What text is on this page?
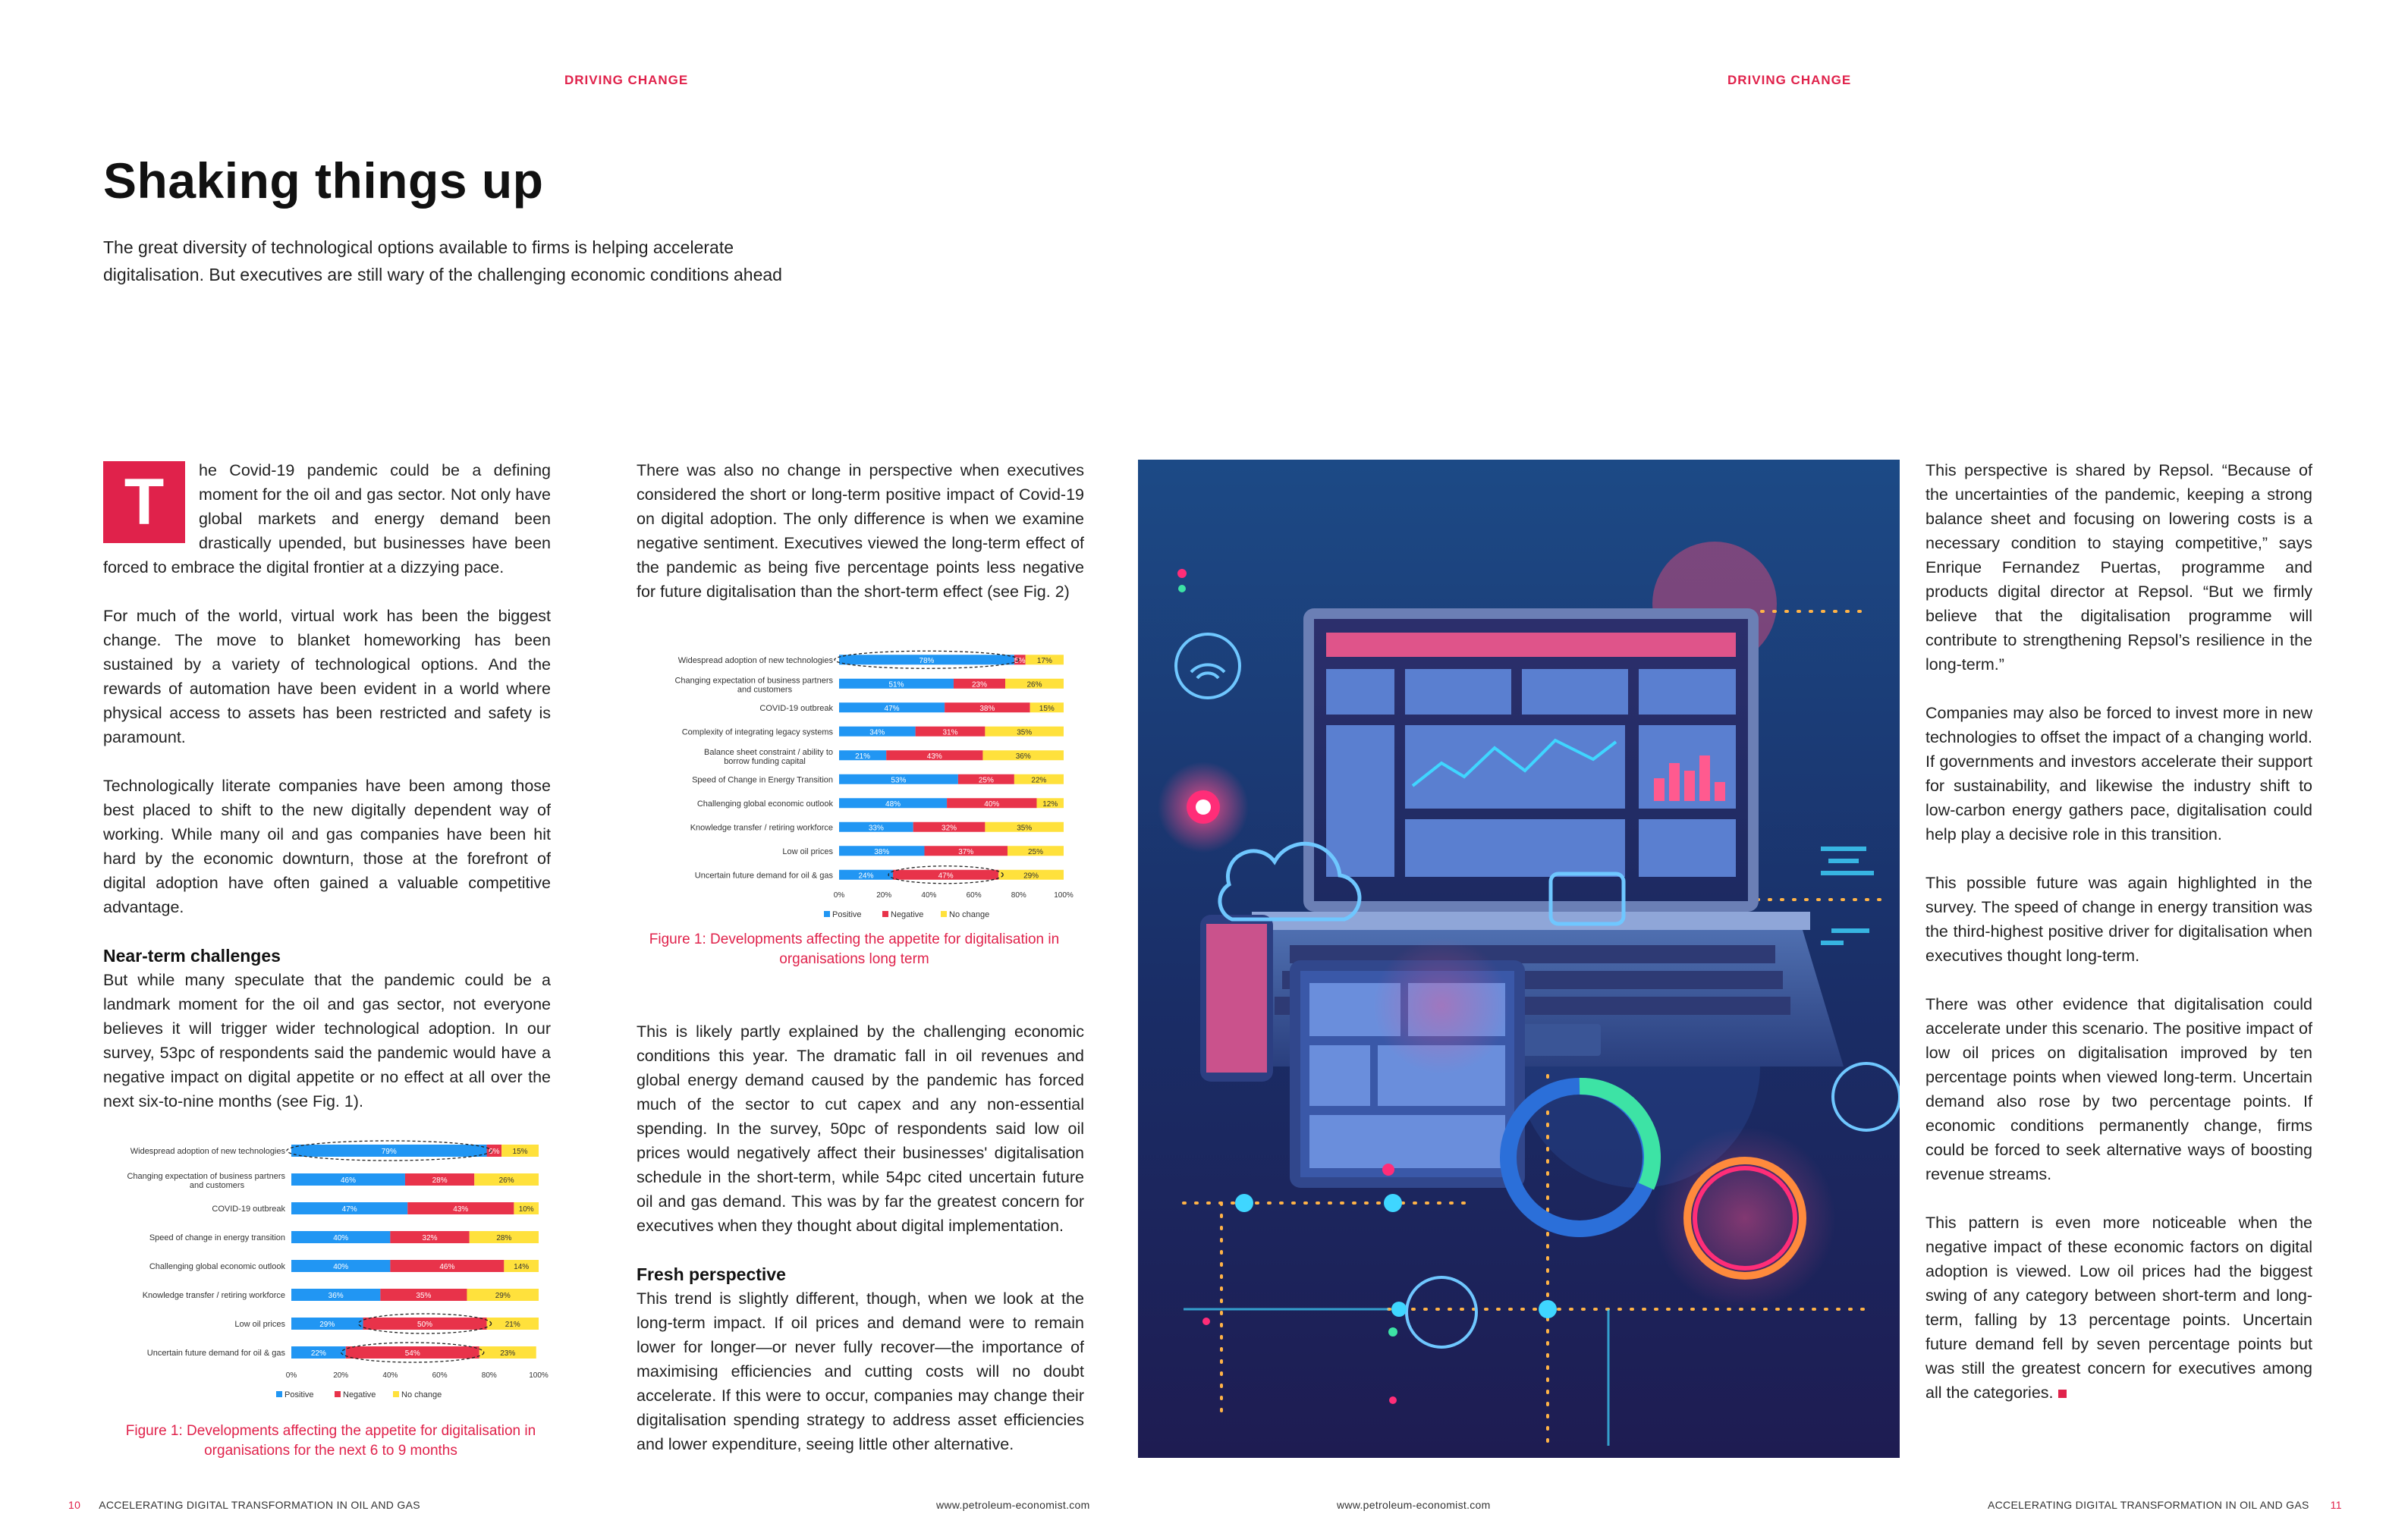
DRIVING CHANGE	DRIVING CHANGE
Shaking things up

The great diversity of technological options available to firms is helping accelerate digitalisation. But executives are still wary of the challenging economic conditions ahead

T	he Covid-19 pandemic could be a defining moment for the oil and gas sector. Not only have global markets and energy demand been drastically upended, but businesses have been forced to embrace the digital frontier at a dizzying pace.

For much of the world, virtual work has been the biggest change. The move to blanket homeworking has been sustained by a variety of technological options. And the rewards of automation have been evident in a world where physical access to assets has been restricted and safety is paramount.

Technologically literate companies have been among those best placed to shift to the new digitally dependent way of working. While many oil and gas companies have been hit hard by the economic downturn, those at the forefront of digital adoption have often gained a valuable competitive advantage.

Near-term challenges

But while many speculate that the pandemic could be a landmark moment for the oil and gas sector, not everyone believes it will trigger wider technological adoption. In our survey, 53pc of respondents said the pandemic would have a negative impact on digital appetite or no effect at all over the next six-to-nine months (see Fig. 1).

Widespread adoption of new technologies	79%	6% 15%
Changing expectation of business partners and customers
46%	28%	26%
COVID-19 outbreak	47%	43%	10%
Speed of change in energy transition	40%	32%	28%
Challenging global economic outlook	40%	46%	14%
Knowledge transfer / retiring workforce	36%	35%	29%
Low oil prices	29%	50%	21%
Uncertain future demand for oil & gas	22%	54%	23%
0%	20%	40%	60%	80%	100%
Positive	Negative	No change
Figure 1: Developments affecting the appetite for digitalisation in organisations for the next 6 to 9 months

There was also no change in perspective when executives considered the short or long-term positive impact of Covid-19 on digital adoption. The only difference is when we examine negative sentiment. Executives viewed the long-term effect of the pandemic as being five percentage points less negative for future digitalisation than the short-term effect (see Fig. 2)

Widespread adoption of new technologies	78%	5% 17%
Changing expectation of business partners and customers
51%	23%	26%
COVID-19 outbreak	47%	38%	15%
Complexity of integrating legacy systems	34%	31%	35%
Balance sheet constraint / ability to borrow funding capital
21%	43%	36%
Speed of Change in Energy Transition	53%	25%	22%
Challenging global economic outlook	48%	40%	12%
Knowledge transfer / retiring workforce	33%	32%	35%
Low oil prices	38%	37%	25%
Uncertain future demand for oil & gas	24%	47%	29%
0%	20%	40%	60%	80%	100%
Positive	Negative	No change
Figure 1: Developments affecting the appetite for digitalisation in organisations long term

This is likely partly explained by the challenging economic conditions this year. The dramatic fall in oil revenues and global energy demand caused by the pandemic has forced much of the sector to cut capex and any non-essential spending. In the survey, 50pc of respondents said low oil prices would negatively affect their businesses' digitalisation schedule in the short-term, while 54pc cited uncertain future oil and gas demand. This was by far the greatest concern for executives when they thought about digital implementation.

Fresh perspective

This trend is slightly different, though, when we look at the long-term impact. If oil prices and demand were to remain lower for longer—or never fully recover—the importance of maximising efficiencies and cutting costs will no doubt accelerate. If this were to occur, companies may change their digitalisation spending strategy to address asset efficiencies and lower expenditure, seeing little other alternative.

This perspective is shared by Repsol. “Because of the uncertainties of the pandemic, keeping a strong balance sheet and focusing on lowering costs is a necessary condition to staying competitive,” says Enrique Fernandez Puertas, programme and products digital director at Repsol. “But we firmly believe that the digitalisation programme will contribute to strengthening Repsol’s resilience in the long-term.”

Companies may also be forced to invest more in new technologies to offset the impact of a changing world. If governments and investors accelerate their support for sustainability, and likewise the industry shift to low-carbon energy gathers pace, digitalisation could help play a decisive role in this transition.

This possible future was again highlighted in the survey. The speed of change in energy transition was the third-highest positive driver for digitalisation when executives thought long-term.

There was other evidence that digitalisation could accelerate under this scenario. The positive impact of low oil prices on digitalisation improved by ten percentage points when viewed long-term. Uncertain demand also rose by two percentage points. If economic conditions permanently change, firms could be forced to seek alternative ways of boosting revenue streams.

This pattern is even more noticeable when the negative impact of these economic factors on digital adoption is viewed. Low oil prices had the biggest swing of any category between short-term and long-term, falling by 13 percentage points. Uncertain future demand fell by seven percentage points but was still the greatest concern for executives among all the categories.

10 ACCELERATING DIGITAL TRANSFORMATION IN OIL AND GAS	www.petroleum-economist.com	www.petroleum-economist.com	ACCELERATING DIGITAL TRANSFORMATION IN OIL AND GAS 11
